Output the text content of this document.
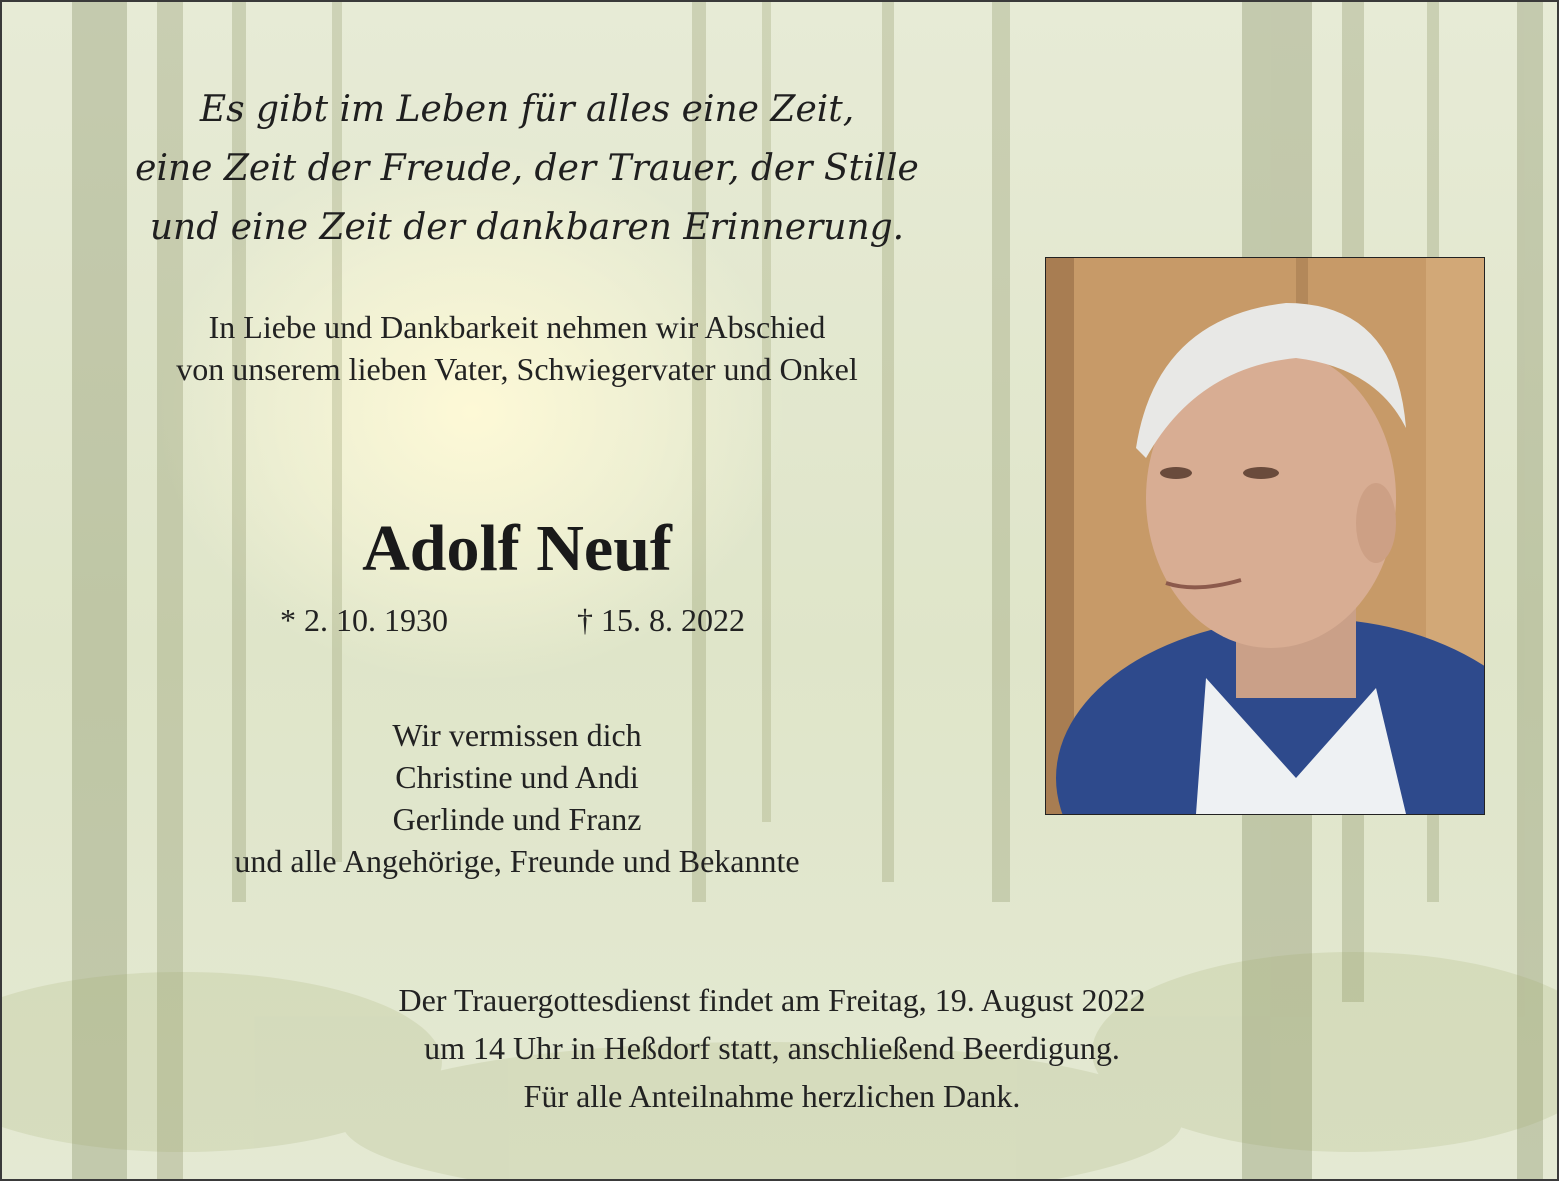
Es gibt im Leben für alles eine Zeit,
eine Zeit der Freude, der Trauer, der Stille
und eine Zeit der dankbaren Erinnerung.
In Liebe und Dankbarkeit nehmen wir Abschied
von unserem lieben Vater, Schwiegervater und Onkel
Adolf Neuf
* 2. 10. 1930	† 15. 8. 2022
Wir vermissen dich
Christine und Andi
Gerlinde und Franz
und alle Angehörige, Freunde und Bekannte
Der Trauergottesdienst findet am Freitag, 19. August 2022
um 14 Uhr in Heßdorf statt, anschließend Beerdigung.
Für alle Anteilnahme herzlichen Dank.
